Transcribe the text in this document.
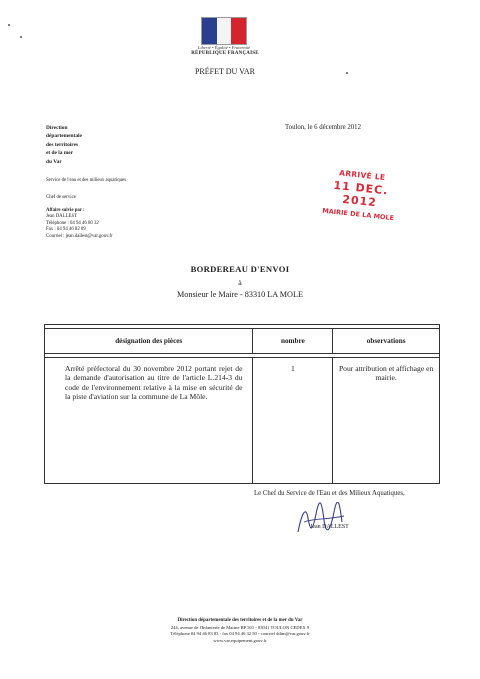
Liberté • Égalité • Fraternité
RÉPUBLIQUE FRANÇAISE
PRÉFET DU VAR
Direction
départementale
des territoires
et de la mer
du Var
Service de l'eau et des milieux aquatiques
Chef de service
Affaire suivie par :
Jean DALLEST
Téléphone : 04 94 46 80 32
Fax : 04 94 46 82 09
Courriel : jean.dallest@var.gouv.fr
Toulon, le 6 décembre 2012
ARRIVÉ LE
11 DEC. 2012
MAIRIE DE LA MOLE
BORDEREAU D'ENVOI
à
Monsieur le Maire - 83310 LA MOLE

désignation des pièces	nombre	observations

Arrêté préfectoral du 30 novembre 2012 portant rejet de la demande d'autorisation au titre de l'article L.214-3 du code de l'environnement relative à la mise en sécurité de la piste d'aviation sur la commune de La Môle.	1	Pour attribution et affichage en mairie.
Le Chef du Service de l'Eau et des Milieux Aquatiques,
Jean DALLEST
Direction départementale des territoires et de la mer du Var
244, avenue de l'Infanterie de Marine BP 501 - 83041 TOULON CEDEX 9
Téléphone 04 94 46 83 83 - fax 04 94 46 32 50 - courriel ddtm@var.gouv.fr
www.var.equipement.gouv.fr
